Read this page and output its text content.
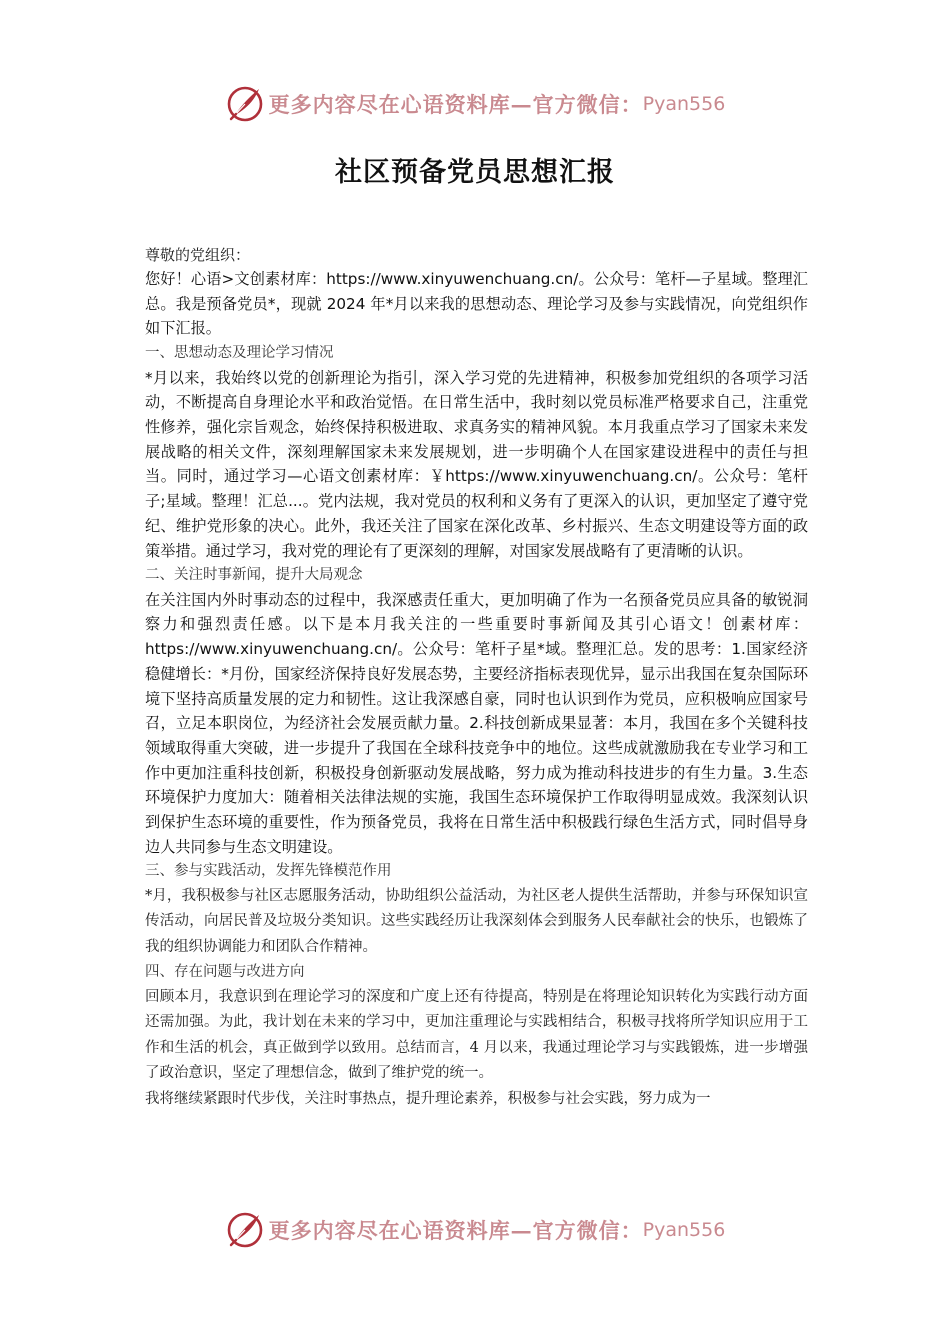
更多内容尽在心语资料库—官方微信： Pyan556
社区预备党员思想汇报

尊敬的党组织：

您好！心语>文创素材库：https://www.xinyuwenchuang.cn/。公众号：笔杆—子星域。整理汇总。我是预备党员*，现就 2024 年*月以来我的思想动态、理论学习及参与实践情况，向党组织作如下汇报。

一、思想动态及理论学习情况

*月以来，我始终以党的创新理论为指引，深入学习党的先进精神，积极参加党组织的各项学习活动，不断提高自身理论水平和政治觉悟。在日常生活中，我时刻以党员标准严格要求自己，注重党性修养，强化宗旨观念，始终保持积极进取、求真务实的精神风貌。本月我重点学习了国家未来发展战略的相关文件，深刻理解国家未来发展规划，进一步明确个人在国家建设进程中的责任与担当。同时，通过学习—心语文创素材库：￥https://www.xinyuwenchuang.cn/。公众号：笔杆子;星域。整理！汇总...。党内法规，我对党员的权利和义务有了更深入的认识，更加坚定了遵守党纪、维护党形象的决心。此外，我还关注了国家在深化改革、乡村振兴、生态文明建设等方面的政策举措。通过学习，我对党的理论有了更深刻的理解，对国家发展战略有了更清晰的认识。

二、关注时事新闻，提升大局观念

在关注国内外时事动态的过程中，我深感责任重大，更加明确了作为一名预备党员应具备的敏锐洞察力和强烈责任感。以下是本月我关注的一些重要时事新闻及其引心语文！创素材库：https://www.xinyuwenchuang.cn/。公众号：笔杆子星*域。整理汇总。发的思考：1.国家经济稳健增长：*月份，国家经济保持良好发展态势，主要经济指标表现优异，显示出我国在复杂国际环境下坚持高质量发展的定力和韧性。这让我深感自豪，同时也认识到作为党员，应积极响应国家号召，立足本职岗位，为经济社会发展贡献力量。2.科技创新成果显著：本月，我国在多个关键科技领域取得重大突破，进一步提升了我国在全球科技竞争中的地位。这些成就激励我在专业学习和工作中更加注重科技创新，积极投身创新驱动发展战略，努力成为推动科技进步的有生力量。3.生态环境保护力度加大：随着相关法律法规的实施，我国生态环境保护工作取得明显成效。我深刻认识到保护生态环境的重要性，作为预备党员，我将在日常生活中积极践行绿色生活方式，同时倡导身边人共同参与生态文明建设。

三、参与实践活动，发挥先锋模范作用

*月，我积极参与社区志愿服务活动，协助组织公益活动，为社区老人提供生活帮助，并参与环保知识宣传活动，向居民普及垃圾分类知识。这些实践经历让我深刻体会到服务人民奉献社会的快乐，也锻炼了我的组织协调能力和团队合作精神。

四、存在问题与改进方向

回顾本月，我意识到在理论学习的深度和广度上还有待提高，特别是在将理论知识转化为实践行动方面还需加强。为此，我计划在未来的学习中，更加注重理论与实践相结合，积极寻找将所学知识应用于工作和生活的机会，真正做到学以致用。总结而言，4 月以来，我通过理论学习与实践锻炼，进一步增强了政治意识，坚定了理想信念，做到了维护党的统一。

我将继续紧跟时代步伐，关注时事热点，提升理论素养，积极参与社会实践，努力成为一

更多内容尽在心语资料库—官方微信： Pyan556
